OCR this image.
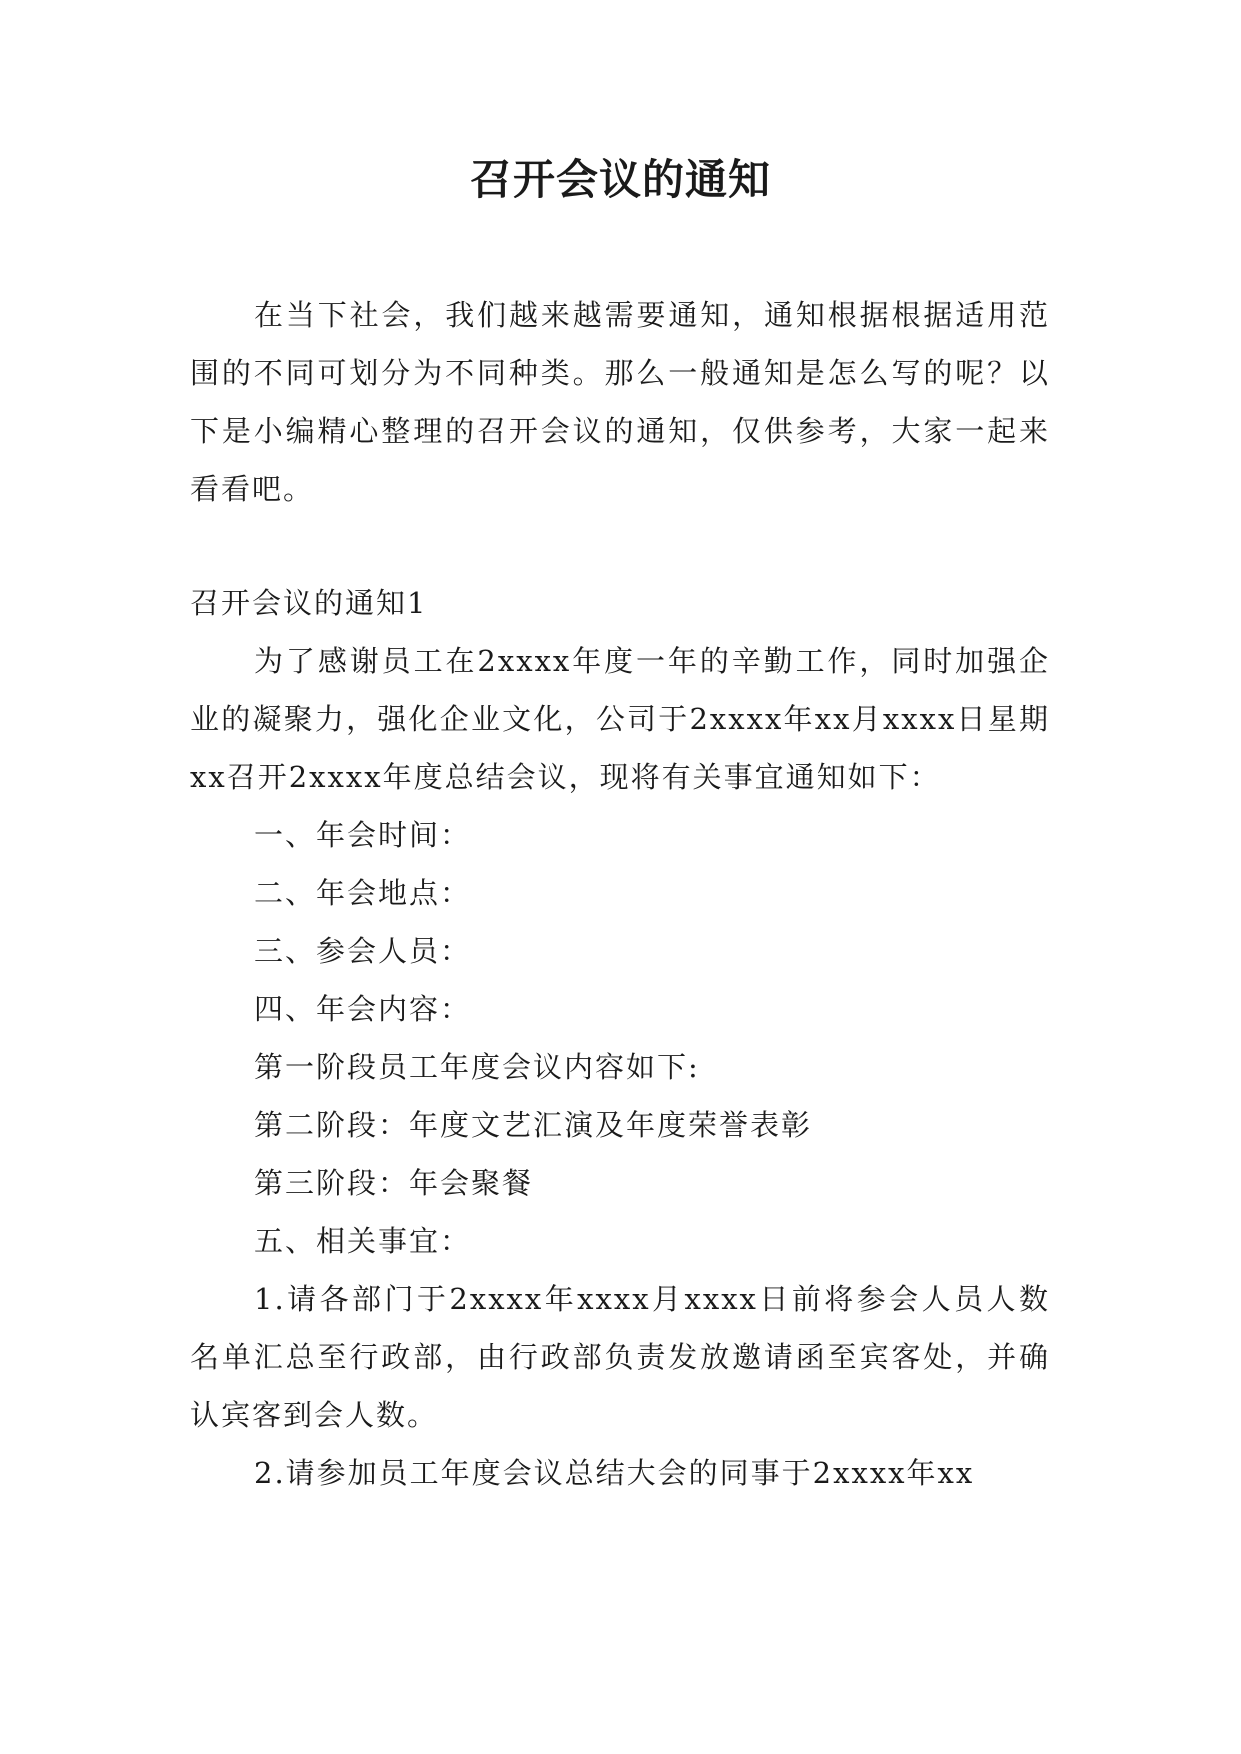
召开会议的通知

在当下社会，我们越来越需要通知，通知根据根据适用范围的不同可划分为不同种类。那么一般通知是怎么写的呢？以下是小编精心整理的召开会议的通知，仅供参考，大家一起来看看吧。

召开会议的通知1

为了感谢员工在2xxxx年度一年的辛勤工作，同时加强企业的凝聚力，强化企业文化，公司于2xxxx年xx月xxxx日星期xx召开2xxxx年度总结会议，现将有关事宜通知如下：

一、年会时间：

二、年会地点：

三、参会人员：

四、年会内容：

第一阶段员工年度会议内容如下:

第二阶段：年度文艺汇演及年度荣誉表彰

第三阶段：年会聚餐

五、相关事宜：

1.请各部门于2xxxx年xxxx月xxxx日前将参会人员人数名单汇总至行政部，由行政部负责发放邀请函至宾客处，并确认宾客到会人数。

2.请参加员工年度会议总结大会的同事于2xxxx年xx
